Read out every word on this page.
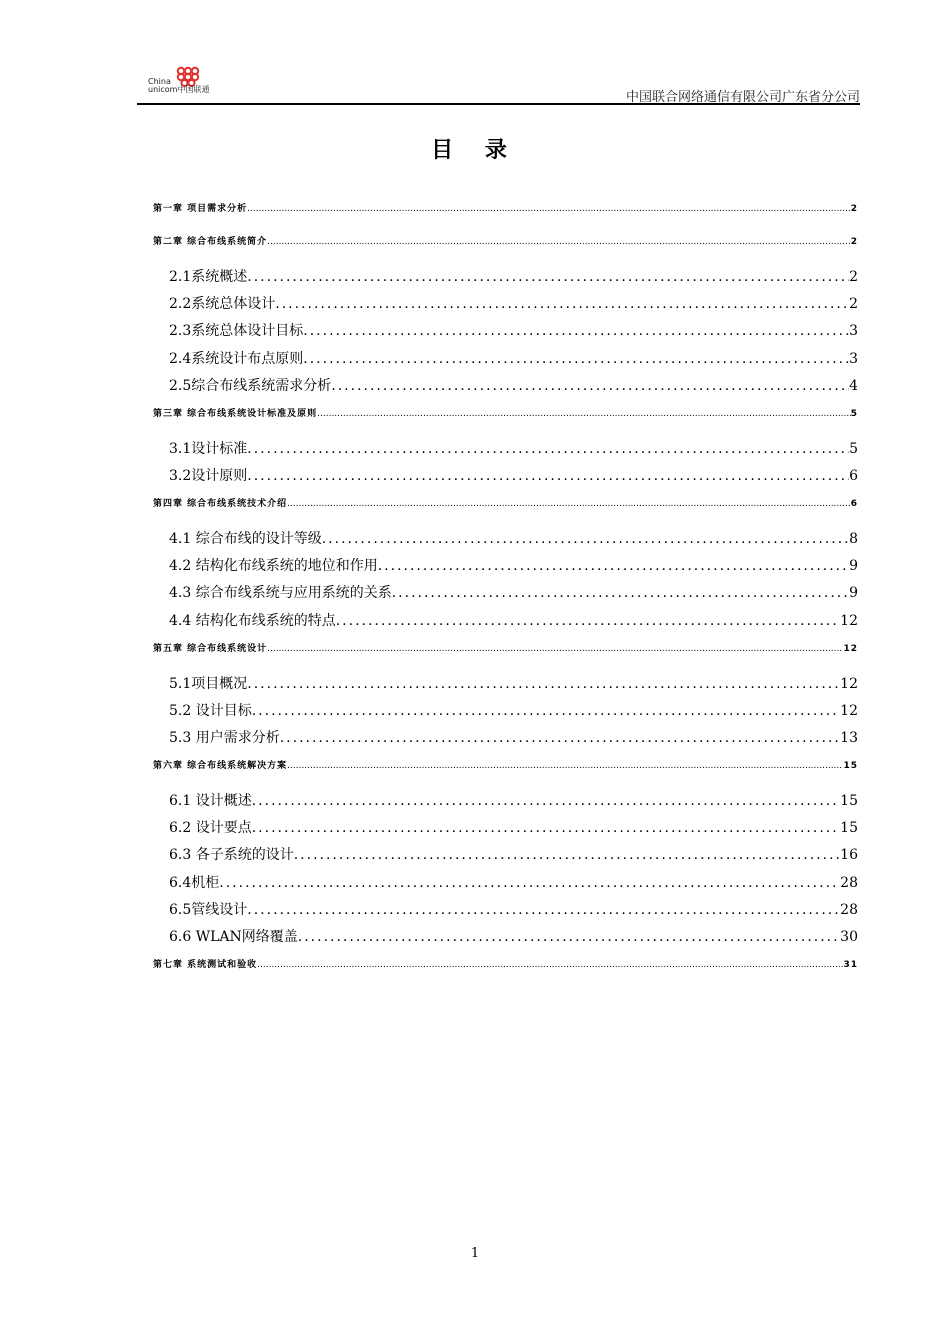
China
unicom中国联通
中国联合网络通信有限公司广东省分公司
目 录
第一章 项目需求分析 .....	2
第二章 综合布线系统简介 .....	2
2.1系统概述 .....	2
2.2系统总体设计 .....	2
2.3系统总体设计目标 .....	3
2.4系统设计布点原则 .....	3
2.5综合布线系统需求分析 .....	4
第三章 综合布线系统设计标准及原则 .....	5
3.1设计标准 .....	5
3.2设计原则 .....	6
第四章 综合布线系统技术介绍 .....	6
4.1 综合布线的设计等级 .....	8
4.2 结构化布线系统的地位和作用 .....	9
4.3 综合布线系统与应用系统的关系 .....	9
4.4 结构化布线系统的特点 .....	12
第五章 综合布线系统设计 .....	12
5.1项目概况 .....	12
5.2 设计目标 .....	12
5.3 用户需求分析 .....	13
第六章 综合布线系统解决方案 .....	15
6.1 设计概述 .....	15
6.2 设计要点 .....	15
6.3 各子系统的设计 .....	16
6.4机柜 .....	28
6.5管线设计 .....	28
6.6 WLAN网络覆盖 .....	30
第七章 系统测试和验收 .....	31
1
